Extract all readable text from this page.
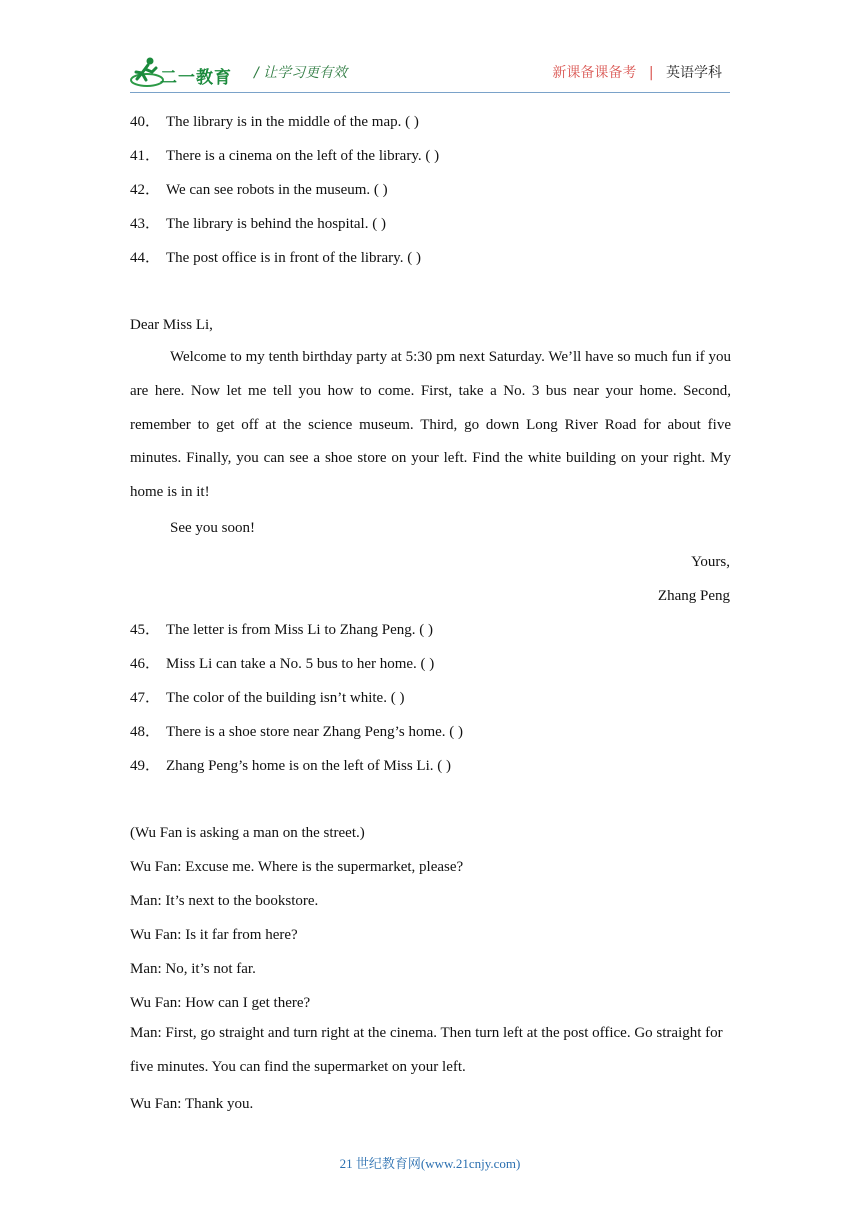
二一教育 / 让学习更有效	新课备课备考 | 英语学科
40． The library is in the middle of the map. ( )
41． There is a cinema on the left of the library. ( )
42． We can see robots in the museum. ( )
43． The library is behind the hospital. ( )
44． The post office is in front of the library. ( )
Dear Miss Li,
Welcome to my tenth birthday party at 5:30 pm next Saturday. We’ll have so much fun if you are here. Now let me tell you how to come. First, take a No. 3 bus near your home. Second, remember to get off at the science museum. Third, go down Long River Road for about five minutes. Finally, you can see a shoe store on your left. Find the white building on your right. My home is in it!
See you soon!
Yours,
Zhang Peng
45． The letter is from Miss Li to Zhang Peng. ( )
46． Miss Li can take a No. 5 bus to her home. ( )
47． The color of the building isn’t white. ( )
48． There is a shoe store near Zhang Peng’s home. ( )
49． Zhang Peng’s home is on the left of Miss Li. ( )
(Wu Fan is asking a man on the street.)
Wu Fan: Excuse me. Where is the supermarket, please?
Man: It’s next to the bookstore.
Wu Fan: Is it far from here?
Man: No, it’s not far.
Wu Fan: How can I get there?
Man: First, go straight and turn right at the cinema. Then turn left at the post office. Go straight for five minutes. You can find the supermarket on your left.
Wu Fan: Thank you.
21 世纪教育网(www.21cnjy.com)
